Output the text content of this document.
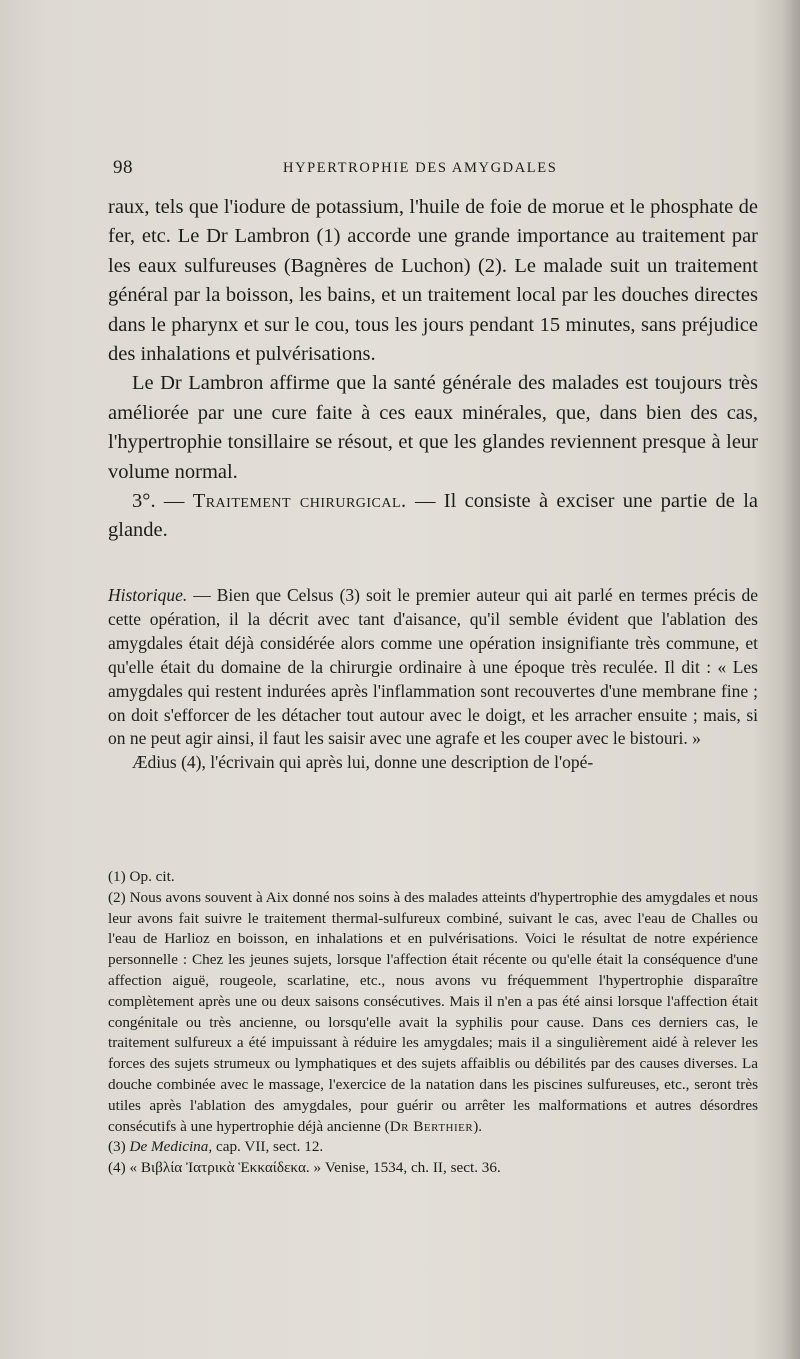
98	HYPERTROPHIE DES AMYGDALES

raux, tels que l'iodure de potassium, l'huile de foie de morue et le phosphate de fer, etc. Le Dr Lambron (1) accorde une grande importance au traitement par les eaux sulfureuses (Bagnères de Luchon) (2). Le malade suit un traitement général par la boisson, les bains, et un traitement local par les douches directes dans le pharynx et sur le cou, tous les jours pendant 15 minutes, sans préjudice des inhalations et pulvérisations.

Le Dr Lambron affirme que la santé générale des malades est toujours très améliorée par une cure faite à ces eaux minérales, que, dans bien des cas, l'hypertrophie tonsillaire se résout, et que les glandes reviennent presque à leur volume normal.

3°. — Traitement chirurgical. — Il consiste à exciser une partie de la glande.

Historique. — Bien que Celsus (3) soit le premier auteur qui ait parlé en termes précis de cette opération, il la décrit avec tant d'aisance, qu'il semble évident que l'ablation des amygdales était déjà considérée alors comme une opération insignifiante très commune, et qu'elle était du domaine de la chirurgie ordinaire à une époque très reculée. Il dit : « Les amygdales qui restent indurées après l'inflammation sont recouvertes d'une membrane fine ; on doit s'efforcer de les détacher tout autour avec le doigt, et les arracher ensuite ; mais, si on ne peut agir ainsi, il faut les saisir avec une agrafe et les couper avec le bistouri. »

Ædius (4), l'écrivain qui après lui, donne une description de l'opé-

(1) Op. cit.

(2) Nous avons souvent à Aix donné nos soins à des malades atteints d'hypertrophie des amygdales et nous leur avons fait suivre le traitement thermal-sulfureux combiné, suivant le cas, avec l'eau de Challes ou l'eau de Harlioz en boisson, en inhalations et en pulvérisations. Voici le résultat de notre expérience personnelle : Chez les jeunes sujets, lorsque l'affection était récente ou qu'elle était la conséquence d'une affection aiguë, rougeole, scarlatine, etc., nous avons vu fréquemment l'hypertrophie disparaître complètement après une ou deux saisons consécutives. Mais il n'en a pas été ainsi lorsque l'affection était congénitale ou très ancienne, ou lorsqu'elle avait la syphilis pour cause. Dans ces derniers cas, le traitement sulfureux a été impuissant à réduire les amygdales; mais il a singulièrement aidé à relever les forces des sujets strumeux ou lymphatiques et des sujets affaiblis ou débilités par des causes diverses. La douche combinée avec le massage, l'exercice de la natation dans les piscines sulfureuses, etc., seront très utiles après l'ablation des amygdales, pour guérir ou arrêter les malformations et autres désordres consécutifs à une hypertrophie déjà ancienne (Dr Berthier).

(3) De Medicina, cap. VII, sect. 12.

(4) « Βιβλία Ἰατρικὰ Ἑκκαίδεκα. » Venise, 1534, ch. II, sect. 36.
